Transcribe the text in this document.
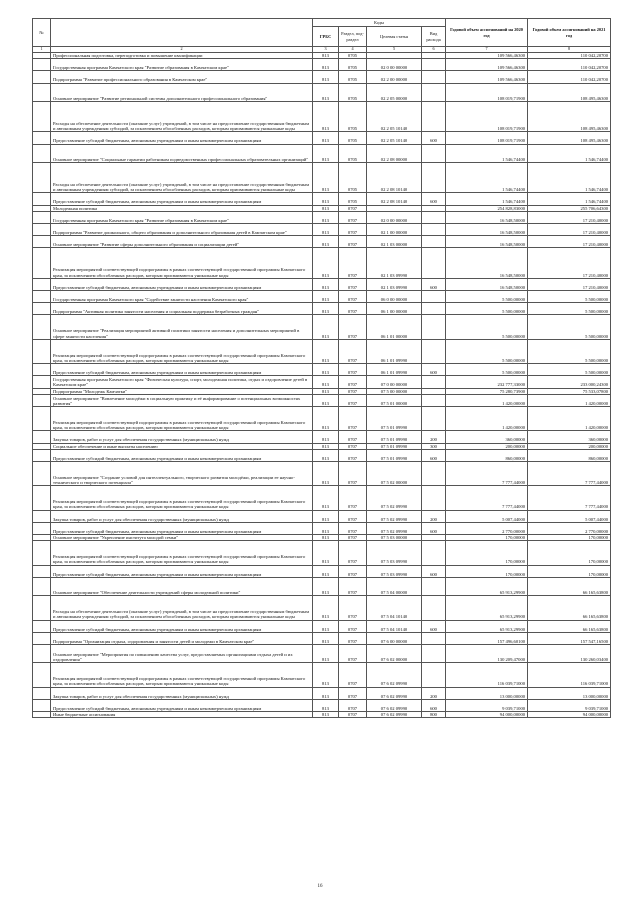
№		Коды				Годовой объем ассигнований на 2020 год	Годовой объем ассигнований на 2021 год
		ГРБС	Раздел, под-раздел	Целевая статья	Вид расхода		
1	2	3	4	5	6	7	8
	Профессиональная подготовка, переподготовка и повышение квалификации	813	0705			109 566,46300	110 042,20700
	Государственная программа Камчатского края "Развитие образования в Камчатском крае"	813	0705	02 0 00 00000		109 566,46300	110 042,20700
	Подпрограмма "Развитие профессионального образования в Камчатском крае"	813	0705	02 2 00 00000		109 566,46300	110 042,20700
	Основное мероприятие "Развитие региональной системы дополнительного профессионального образования"	813	0705	02 2 05 00000		108 019,71900	108 495,46300
	Расходы на обеспечение деятельности (оказание услуг) учреждений, в том числе на предоставление государственным бюджетным и автономным учреждениям субсидий, за исключением обособленных расходов, которым присваиваются уникальные коды	813	0705	02 2 05 10140		108 019,71900	108 495,46300
	Предоставление субсидий бюджетным, автономным учреждениям и иным некоммерческим организациям	813	0705	02 2 05 10140	600	108 019,71900	108 495,46300
	Основное мероприятие "Социальные гарантии работникам подведомственных профессиональных образовательных организаций"	813	0705	02 2 08 00000		1 546,74400	1 546,74400
	Расходы на обеспечение деятельности (оказание услуг) учреждений, в том числе на предоставление государственным бюджетным и автономным учреждениям субсидий, за исключением обособленных расходов, которым присваиваются уникальные коды	813	0705	02 2 08 10140		1 546,74400	1 546,74400
	Предоставление субсидий бюджетным, автономным учреждениям и иным некоммерческим организациям	813	0705	02 2 08 10140	600	1 546,74400	1 546,74400
	Молодежная политика	813	0707			254 828,83000	255 706,64300
	Государственная программа Камчатского края "Развитие образования в Камчатском крае"	813	0707	02 0 00 00000		16 548,50000	17 210,40000
	Подпрограмма "Развитие дошкольного, общего образования и дополнительного образования детей в Камчатском крае"	813	0707	02 1 00 00000		16 548,50000	17 210,40000
	Основное мероприятие "Развитие сферы дополнительного образования и социализации детей"	813	0707	02 1 03 00000		16 548,50000	17 210,40000
	Реализация мероприятий соответствующей подпрограммы в рамках соответствующей государственной программы Камчатского края, за исключением обособленных расходов, которым присваиваются уникальные коды	813	0707	02 1 03 09990		16 548,50000	17 210,40000
	Предоставление субсидий бюджетным, автономным учреждениям и иным некоммерческим организациям	813	0707	02 1 03 09990	600	16 548,50000	17 210,40000
	Государственная программа Камчатского края "Содействие занятости населения Камчатского края"	813	0707	06 0 00 00000		5 500,00000	5 500,00000
	Подпрограмма "Активная политика занятости населения и социальная поддержка безработных граждан"	813	0707	06 1 00 00000		5 500,00000	5 500,00000
	Основное мероприятие "Реализация мероприятий активной политики занятости населения и дополнительных мероприятий в сфере занятости населения"	813	0707	06 1 01 00000		5 500,00000	5 500,00000
	Реализация мероприятий соответствующей подпрограммы в рамках соответствующей государственной программы Камчатского края, за исключением обособленных расходов, которым присваиваются уникальные коды	813	0707	06 1 01 09990		5 500,00000	5 500,00000
	Предоставление субсидий бюджетным, автономным учреждениям и иным некоммерческим организациям	813	0707	06 1 01 09990	600	5 500,00000	5 500,00000
	Государственная программа Камчатского края "Физическая культура, спорт, молодежная политика, отдых и оздоровление детей в Камчатском крае"	813	0707	07 0 00 00000		232 777,33000	233 000,24300
	Подпрограмма "Молодежь Камчатки"	813	0707	07 5 00 00000		75 280,73900	75 533,07800
	Основное мероприятие "Вовлечение молодёжи в социальную практику и её информирование о потенциальных возможностях развития"	813	0707	07 5 01 00000		1 420,00000	1 420,00000
	Реализация мероприятий соответствующей подпрограммы в рамках соответствующей государственной программы Камчатского края, за исключением обособленных расходов, которым присваиваются уникальные коды	813	0707	07 5 01 09990		1 420,00000	1 420,00000
	Закупка товаров, работ и услуг для обеспечения государственных (муниципальных) нужд	813	0707	07 5 01 09990	200	360,00000	360,00000
	Социальное обеспечение и иные выплаты населению	813	0707	07 5 01 09990	300	200,00000	200,00000
	Предоставление субсидий бюджетным, автономным учреждениям и иным некоммерческим организациям	813	0707	07 5 01 09990	600	860,00000	860,00000
	Основное мероприятие "Создание условий для интеллектуального, творческого развития молодёжи, реализации ее научно-технического и творческого потенциала"	813	0707	07 5 02 00000		7 777,44000	7 777,44000
	Реализация мероприятий соответствующей подпрограммы в рамках соответствующей государственной программы Камчатского края, за исключением обособленных расходов, которым присваиваются уникальные коды	813	0707	07 5 02 09990		7 777,44000	7 777,44000
	Закупка товаров, работ и услуг для обеспечения государственных (муниципальных) нужд	813	0707	07 5 02 09990	200	5 007,44000	5 007,44000
	Предоставление субсидий бюджетным, автономным учреждениям и иным некоммерческим организациям	813	0707	07 5 02 09990	600	2 770,00000	2 770,00000
	Основное мероприятие "Укрепление института молодой семьи"	813	0707	07 5 03 00000		170,00000	170,00000
	Реализация мероприятий соответствующей подпрограммы в рамках соответствующей государственной программы Камчатского края, за исключением обособленных расходов, которым присваиваются уникальные коды	813	0707	07 5 03 09990		170,00000	170,00000
	Предоставление субсидий бюджетным, автономным учреждениям и иным некоммерческим организациям	813	0707	07 5 03 09990	600	170,00000	170,00000
	Основное мероприятие "Обеспечение деятельности учреждений сферы молодежной политики"	813	0707	07 5 04 00000		65 913,29900	66 165,63800
	Расходы на обеспечение деятельности (оказание услуг) учреждений, в том числе на предоставление государственным бюджетным и автономным учреждениям субсидий, за исключением обособленных расходов, которым присваиваются уникальные коды	813	0707	07 5 04 10140		65 913,29900	66 165,63800
	Предоставление субсидий бюджетным, автономным учреждениям и иным некоммерческим организациям	813	0707	07 5 04 10140	600	65 913,29900	66 165,63800
	Подпрограмма "Организация отдыха, оздоровления и занятости детей и молодежи в Камчатском крае"	813	0707	07 6 00 00000		157 496,60100	157 547,16500
	Основное мероприятие "Мероприятия по повышению качества услуг, предоставляемых организациями отдыха детей и их оздоровления"	813	0707	07 6 02 00000		130 209,47000	130 260,03400
	Реализация мероприятий соответствующей подпрограммы в рамках соответствующей государственной программы Камчатского края, за исключением обособленных расходов, которым присваиваются уникальные коды	813	0707	07 6 02 09990		116 039,71000	116 039,71000
	Закупка товаров, работ и услуг для обеспечения государственных (муниципальных) нужд	813	0707	07 6 02 09990	200	13 000,00000	13 000,00000
	Предоставление субсидий бюджетным, автономным учреждениям и иным некоммерческим организациям	813	0707	07 6 02 09990	600	9 039,71000	9 039,71000
	Иные бюджетные ассигнования	813	0707	07 6 02 09990	800	94 000,00000	94 000,00000
16
